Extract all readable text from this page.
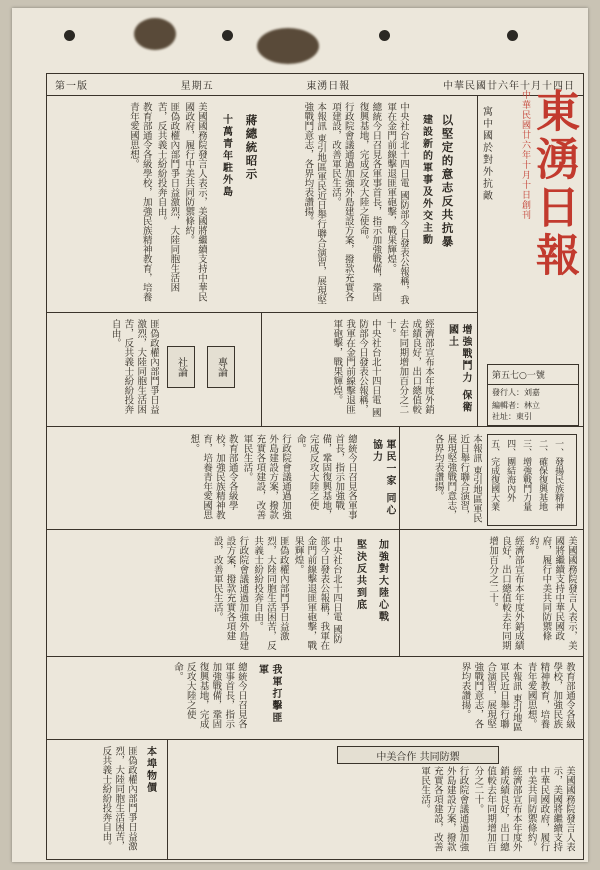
第一版	星期五	東湧日報	中華民國廿六年十月十四日
東湧日報
中華民國廿六年十月十日創刊
寓中國於對外抗敵
第五七○一號
發行人：刘嘉
編輯者：林立
社址：東引
以堅定的意志反共抗暴
建設新的軍事及外交主動

中央社台北十四日電 國防部今日發表公報稱，我軍在金門前線擊退匪軍砲擊，戰果輝煌。

總統今日召見各軍事首長，指示加強戰備，鞏固復興基地，完成反攻大陸之使命。

行政院會議通過加強外島建設方案，撥款充實各項建設，改善軍民生活。

本報訊 東引地區軍民近日舉行聯合演習，展現堅強戰鬥意志，各界均表讚揚。

蔣總統昭示
十萬青年駐外島

美國國務院發言人表示，美國將繼續支持中華民國政府，履行中美共同防禦條約。

匪偽政權內部鬥爭日益激烈，大陸同胞生活困苦，反共義士紛紛投奔自由。

教育部通令各級學校，加強民族精神教育，培養青年愛國思想。

增強戰鬥力 保衛國土

經濟部宣布本年度外銷成績良好，出口總值較去年同期增加百分之二十。

中央社台北十四日電 國防部今日發表公報稱，我軍在金門前線擊退匪軍砲擊，戰果輝煌。

社論	專論

匪偽政權內部鬥爭日益激烈，大陸同胞生活困苦，反共義士紛紛投奔自由。

一、發揚民族精神
二、確保復興基地
三、增強戰鬥力量
四、團結海內外
五、完成復國大業
軍民一家 同心協力	本報訊 東引地區軍民近日舉行聯合演習，展現堅強戰鬥意志，各界均表讚揚。

總統今日召見各軍事首長，指示加強戰備，鞏固復興基地，完成反攻大陸之使命。

行政院會議通過加強外島建設方案，撥款充實各項建設，改善軍民生活。

教育部通令各級學校，加強民族精神教育，培養青年愛國思想。

加強對大陸心戰
堅決反共到底	美國國務院發言人表示，美國將繼續支持中華民國政府，履行中美共同防禦條約。

經濟部宣布本年度外銷成績良好，出口總值較去年同期增加百分之二十。

中央社台北十四日電 國防部今日發表公報稱，我軍在金門前線擊退匪軍砲擊，戰果輝煌。

匪偽政權內部鬥爭日益激烈，大陸同胞生活困苦，反共義士紛紛投奔自由。

行政院會議通過加強外島建設方案，撥款充實各項建設，改善軍民生活。

我軍打擊匪軍	教育部通令各級學校，加強民族精神教育，培養青年愛國思想。

本報訊 東引地區軍民近日舉行聯合演習，展現堅強戰鬥意志，各界均表讚揚。

總統今日召見各軍事首長，指示加強戰備，鞏固復興基地，完成反攻大陸之使命。

中美合作 共同防禦

美國國務院發言人表示，美國將繼續支持中華民國政府，履行中美共同防禦條約。

經濟部宣布本年度外銷成績良好，出口總值較去年同期增加百分之二十。

行政院會議通過加強外島建設方案，撥款充實各項建設，改善軍民生活。

本埠物價

匪偽政權內部鬥爭日益激烈，大陸同胞生活困苦，反共義士紛紛投奔自由。
